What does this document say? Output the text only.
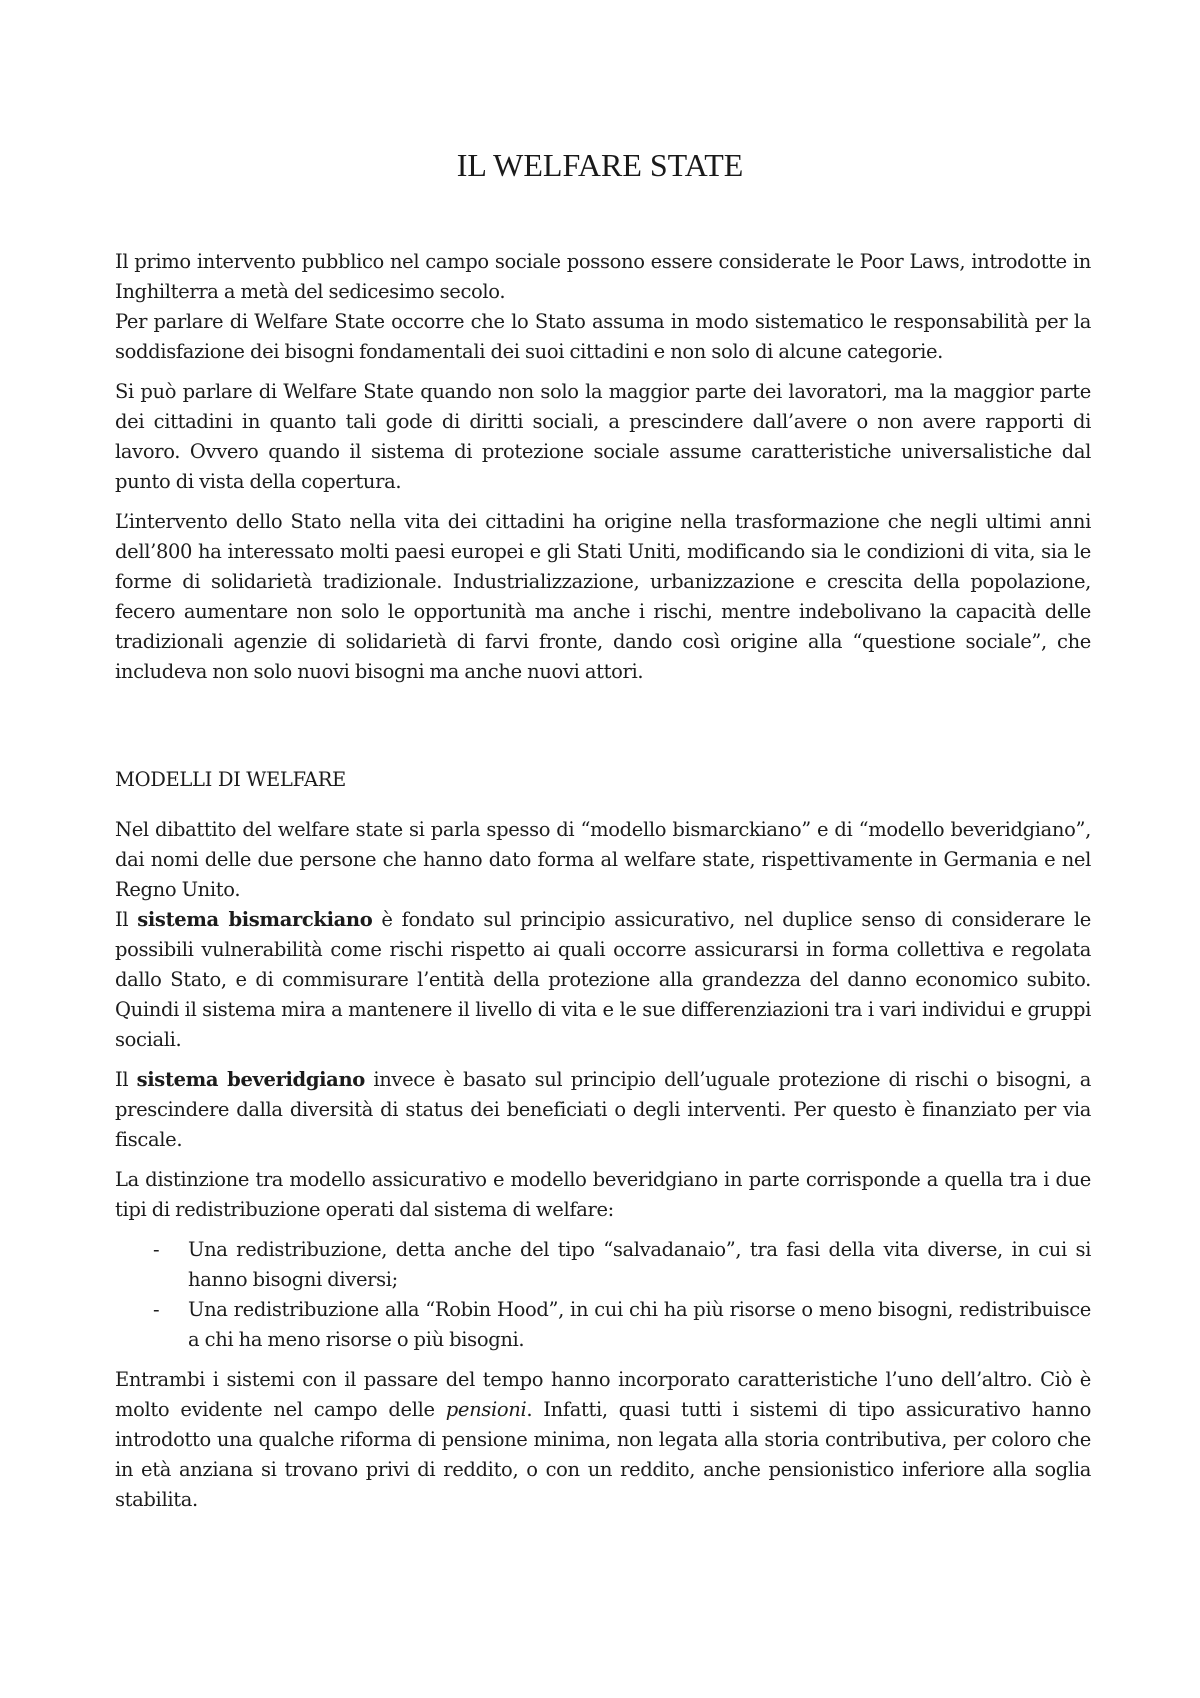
IL WELFARE STATE

Il primo intervento pubblico nel campo sociale possono essere considerate le Poor Laws, introdotte in Inghilterra a metà del sedicesimo secolo.

Per parlare di Welfare State occorre che lo Stato assuma in modo sistematico le responsabilità per la soddisfazione dei bisogni fondamentali dei suoi cittadini e non solo di alcune categorie.

Si può parlare di Welfare State quando non solo la maggior parte dei lavoratori, ma la maggior parte dei cittadini in quanto tali gode di diritti sociali, a prescindere dall’avere o non avere rapporti di lavoro. Ovvero quando il sistema di protezione sociale assume caratteristiche universalistiche dal punto di vista della copertura.

L’intervento dello Stato nella vita dei cittadini ha origine nella trasformazione che negli ultimi anni dell’800 ha interessato molti paesi europei e gli Stati Uniti, modificando sia le condizioni di vita, sia le forme di solidarietà tradizionale. Industrializzazione, urbanizzazione e crescita della popolazione, fecero aumentare non solo le opportunità ma anche i rischi, mentre indebolivano la capacità delle tradizionali agenzie di solidarietà di farvi fronte, dando così origine alla “questione sociale”, che includeva non solo nuovi bisogni ma anche nuovi attori.

MODELLI DI WELFARE

Nel dibattito del welfare state si parla spesso di “modello bismarckiano” e di “modello beveridgiano”, dai nomi delle due persone che hanno dato forma al welfare state, rispettivamente in Germania e nel Regno Unito.

Il sistema bismarckiano è fondato sul principio assicurativo, nel duplice senso di considerare le possibili vulnerabilità come rischi rispetto ai quali occorre assicurarsi in forma collettiva e regolata dallo Stato, e di commisurare l’entità della protezione alla grandezza del danno economico subito. Quindi il sistema mira a mantenere il livello di vita e le sue differenziazioni tra i vari individui e gruppi sociali.

Il sistema beveridgiano invece è basato sul principio dell’uguale protezione di rischi o bisogni, a prescindere dalla diversità di status dei beneficiati o degli interventi. Per questo è finanziato per via fiscale.

La distinzione tra modello assicurativo e modello beveridgiano in parte corrisponde a quella tra i due tipi di redistribuzione operati dal sistema di welfare:

- Una redistribuzione, detta anche del tipo “salvadanaio”, tra fasi della vita diverse, in cui si hanno bisogni diversi;
- Una redistribuzione alla “Robin Hood”, in cui chi ha più risorse o meno bisogni, redistribuisce a chi ha meno risorse o più bisogni.

Entrambi i sistemi con il passare del tempo hanno incorporato caratteristiche l’uno dell’altro. Ciò è molto evidente nel campo delle pensioni. Infatti, quasi tutti i sistemi di tipo assicurativo hanno introdotto una qualche riforma di pensione minima, non legata alla storia contributiva, per coloro che in età anziana si trovano privi di reddito, o con un reddito, anche pensionistico inferiore alla soglia stabilita.
